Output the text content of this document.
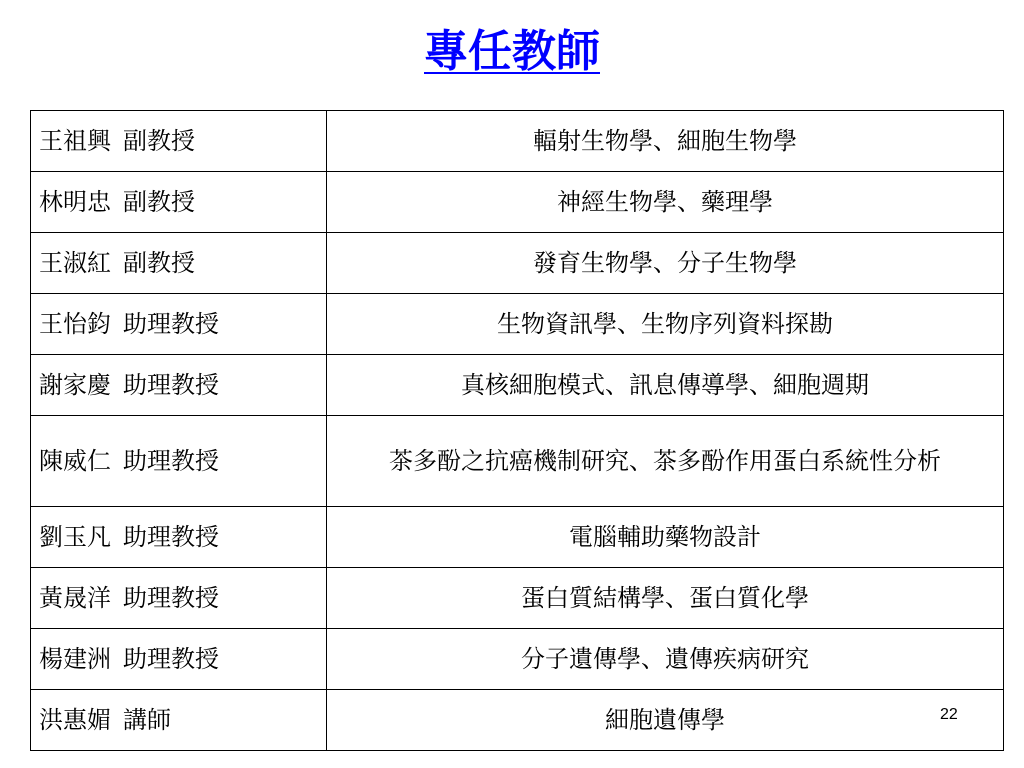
專任教師
王祖興 副教授	輻射生物學、細胞生物學
林明忠 副教授	神經生物學、藥理學
王淑紅 副教授	發育生物學、分子生物學
王怡鈞 助理教授	生物資訊學、生物序列資料探勘
謝家慶 助理教授	真核細胞模式、訊息傳導學、細胞週期
陳威仁 助理教授	茶多酚之抗癌機制研究、茶多酚作用蛋白系統性分析
劉玉凡 助理教授	電腦輔助藥物設計
黃晟洋 助理教授	蛋白質結構學、蛋白質化學
楊建洲 助理教授	分子遺傳學、遺傳疾病研究
洪惠媚 講師	細胞遺傳學	22
